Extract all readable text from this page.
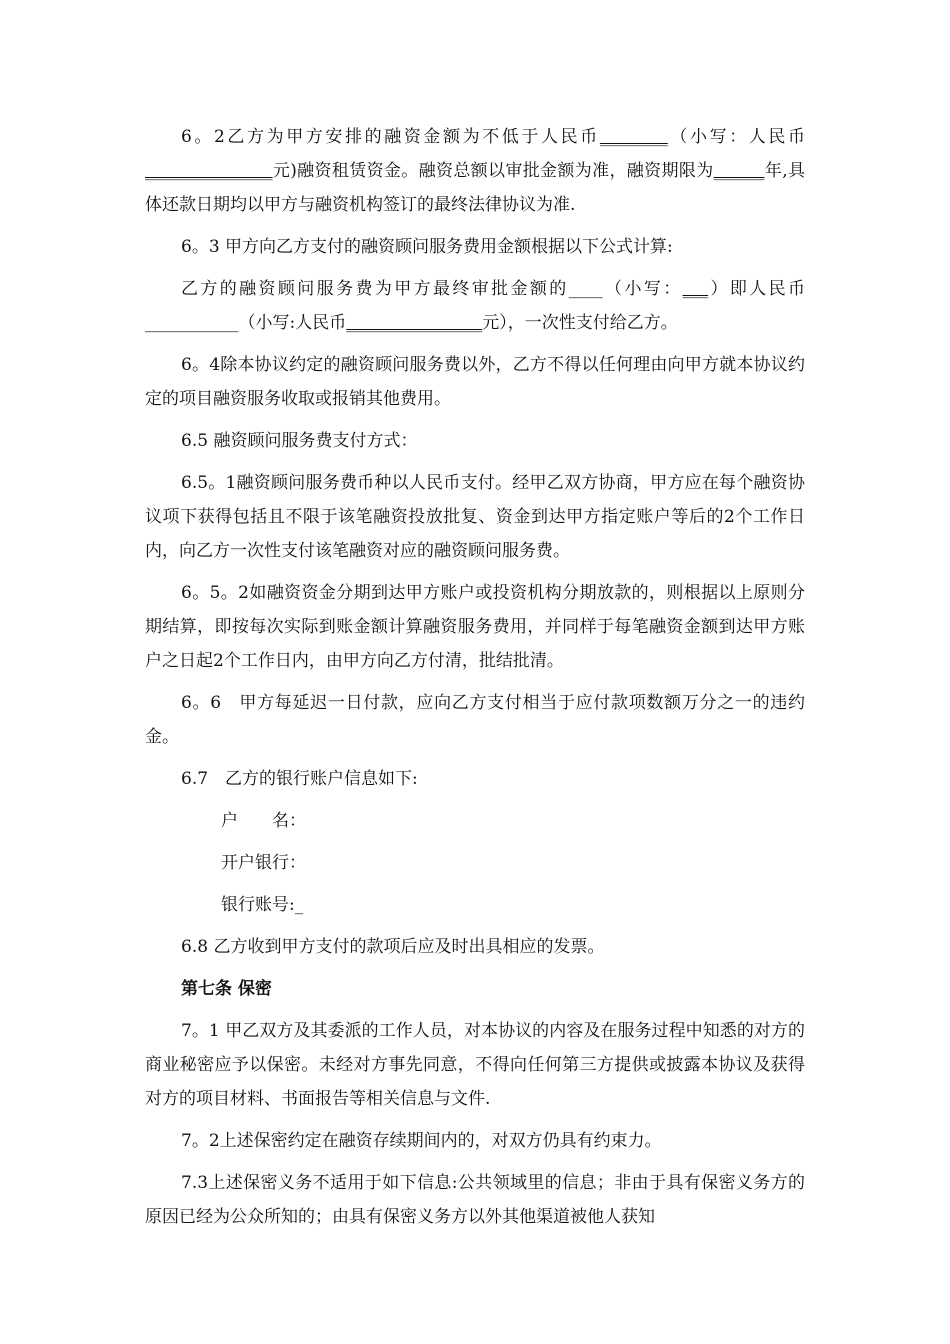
6。2乙方为甲方安排的融资金额为不低于人民币________（小写：人民币_______________元)融资租赁资金。融资总额以审批金额为准，融资期限为______年,具体还款日期均以甲方与融资机构签订的最终法律协议为准.

6。3 甲方向乙方支付的融资顾问服务费用金额根据以下公式计算:

乙方的融资顾问服务费为甲方最终审批金额的____（小写：___）即人民币___________（小写:人民币________________元），一次性支付给乙方。

6。4除本协议约定的融资顾问服务费以外，乙方不得以任何理由向甲方就本协议约定的项目融资服务收取或报销其他费用。

6.5 融资顾问服务费支付方式：

6.5。1融资顾问服务费币种以人民币支付。经甲乙双方协商，甲方应在每个融资协议项下获得包括且不限于该笔融资投放批复、资金到达甲方指定账户等后的2个工作日内，向乙方一次性支付该笔融资对应的融资顾问服务费。

6。5。2如融资资金分期到达甲方账户或投资机构分期放款的，则根据以上原则分期结算，即按每次实际到账金额计算融资服务费用，并同样于每笔融资金额到达甲方账户之日起2个工作日内，由甲方向乙方付清，批结批清。

6。6　甲方每延迟一日付款，应向乙方支付相当于应付款项数额万分之一的违约金。

6.7　乙方的银行账户信息如下:

户　　名：

开户银行：

银行账号:_

6.8 乙方收到甲方支付的款项后应及时出具相应的发票。

第七条 保密

7。1 甲乙双方及其委派的工作人员，对本协议的内容及在服务过程中知悉的对方的商业秘密应予以保密。未经对方事先同意，不得向任何第三方提供或披露本协议及获得对方的项目材料、书面报告等相关信息与文件.

7。2上述保密约定在融资存续期间内的，对双方仍具有约束力。

7.3上述保密义务不适用于如下信息:公共领域里的信息；非由于具有保密义务方的原因已经为公众所知的；由具有保密义务方以外其他渠道被他人获知
